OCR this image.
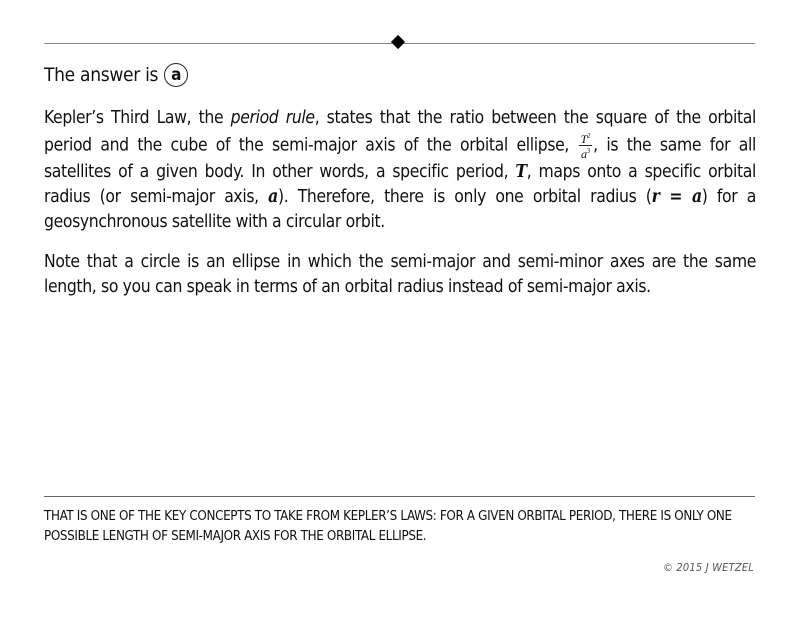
The answer is a
Kepler’s Third Law, the period rule, states that the ratio between the square of the orbital period and the cube of the semi-major axis of the orbital ellipse, $\frac{T^2}{a^3}$ , is the same for all satellites of a given body. In other words, a specific period, T, maps onto a specific orbital radius (or semi-major axis, a). Therefore, there is only one orbital radius (r = a) for a geosynchronous satellite with a circular orbit.
Note that a circle is an ellipse in which the semi-major and semi-minor axes are the same length, so you can speak in terms of an orbital radius instead of semi-major axis.
THAT IS ONE OF THE KEY CONCEPTS TO TAKE FROM KEPLER’S LAWS: FOR A GIVEN ORBITAL PERIOD, THERE IS ONLY ONE POSSIBLE LENGTH OF SEMI-MAJOR AXIS FOR THE ORBITAL ELLIPSE.
© 2015 J WETZEL
